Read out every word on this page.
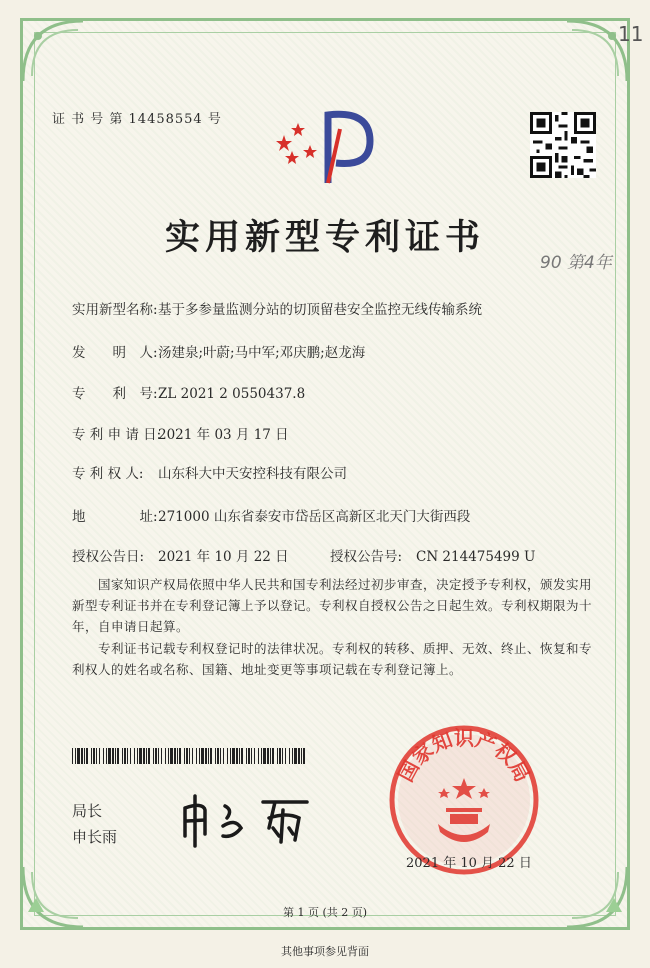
11
证 书 号 第 14458554 号
实用新型专利证书
90 第4年
实用新型名称:基于多参量监测分站的切顶留巷安全监控无线传输系统
发　　明　人:汤建泉;叶蔚;马中军;邓庆鹏;赵龙海
专　　利　号:ZL 2021 2 0550437.8
专 利 申 请 日:2021 年 03 月 17 日
专 利 权 人: 山东科大中天安控科技有限公司
地　　　　址:271000 山东省泰安市岱岳区高新区北天门大街西段
授权公告日: 2021 年 10 月 22 日	授权公告号: CN 214475499 U
　　国家知识产权局依照中华人民共和国专利法经过初步审查，决定授予专利权，颁发实用新型专利证书并在专利登记簿上予以登记。专利权自授权公告之日起生效。专利权期限为十年，自申请日起算。
　　专利证书记载专利权登记时的法律状况。专利权的转移、质押、无效、终止、恢复和专利权人的姓名或名称、国籍、地址变更等事项记载在专利登记簿上。
局长
申长雨
国家知识产权局
2021 年 10 月 22 日
第 1 页 (共 2 页)
其他事项参见背面
